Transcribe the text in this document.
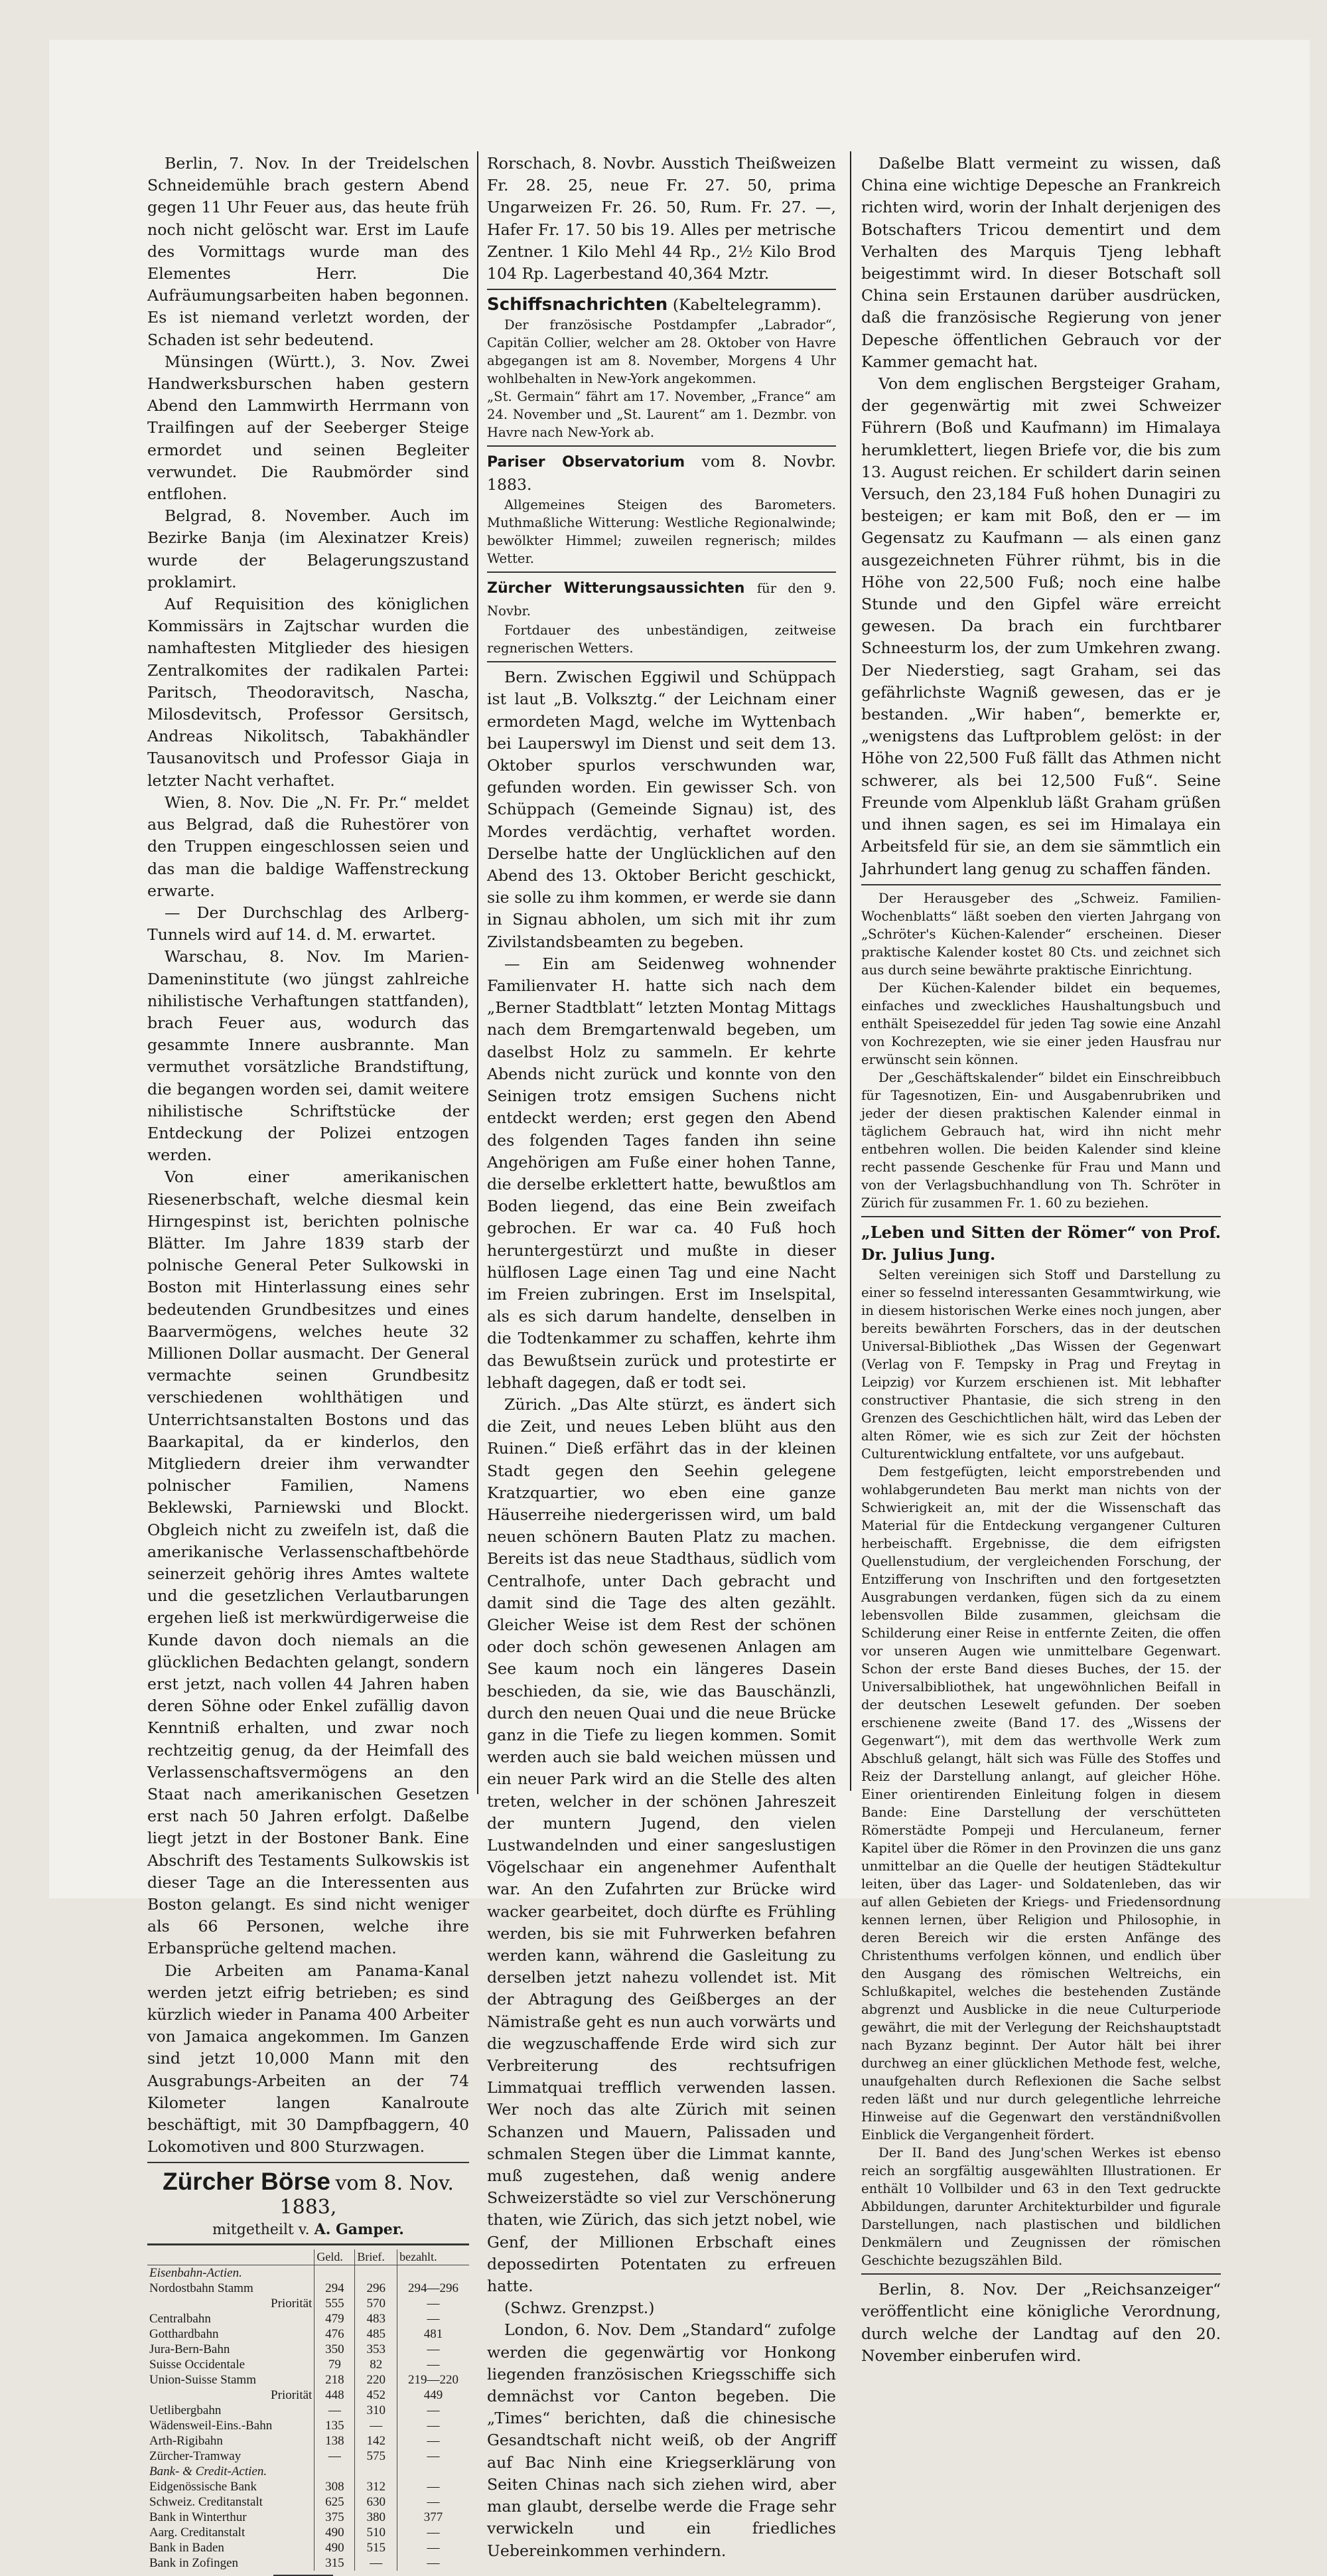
Berlin, 7. Nov. In der Treidelschen Schneidemühle brach gestern Abend gegen 11 Uhr Feuer aus, das heute früh noch nicht gelöscht war. Erst im Laufe des Vormittags wurde man des Elementes Herr. Die Aufräumungsarbeiten haben begonnen. Es ist niemand verletzt worden, der Schaden ist sehr bedeutend.

Münsingen (Württ.), 3. Nov. Zwei Handwerksburschen haben gestern Abend den Lammwirth Herrmann von Trailfingen auf der Seeberger Steige ermordet und seinen Begleiter verwundet. Die Raubmörder sind entflohen.

Belgrad, 8. November. Auch im Bezirke Banja (im Alexinatzer Kreis) wurde der Belagerungszustand proklamirt.

Auf Requisition des königlichen Kommissärs in Zajtschar wurden die namhaftesten Mitglieder des hiesigen Zentralkomites der radikalen Partei: Paritsch, Theodoravitsch, Nascha, Milosdevitsch, Professor Gersitsch, Andreas Nikolitsch, Tabakhändler Tausanovitsch und Professor Giaja in letzter Nacht verhaftet.

Wien, 8. Nov. Die „N. Fr. Pr.“ meldet aus Belgrad, daß die Ruhestörer von den Truppen eingeschlossen seien und das man die baldige Waffenstreckung erwarte.

— Der Durchschlag des Arlberg-Tunnels wird auf 14. d. M. erwartet.

Warschau, 8. Nov. Im Marien-Dameninstitute (wo jüngst zahlreiche nihilistische Verhaftungen stattfanden), brach Feuer aus, wodurch das gesammte Innere ausbrannte. Man vermuthet vorsätzliche Brandstiftung, die begangen worden sei, damit weitere nihilistische Schriftstücke der Entdeckung der Polizei entzogen werden.

Von einer amerikanischen Riesenerbschaft, welche diesmal kein Hirngespinst ist, berichten polnische Blätter. Im Jahre 1839 starb der polnische General Peter Sulkowski in Boston mit Hinterlassung eines sehr bedeutenden Grundbesitzes und eines Baarvermögens, welches heute 32 Millionen Dollar ausmacht. Der General vermachte seinen Grundbesitz verschiedenen wohlthätigen und Unterrichtsanstalten Bostons und das Baarkapital, da er kinderlos, den Mitgliedern dreier ihm verwandter polnischer Familien, Namens Beklewski, Parniewski und Blockt. Obgleich nicht zu zweifeln ist, daß die amerikanische Verlassenschaftbehörde seinerzeit gehörig ihres Amtes waltete und die gesetzlichen Verlautbarungen ergehen ließ ist merkwürdigerweise die Kunde davon doch niemals an die glücklichen Bedachten gelangt, sondern erst jetzt, nach vollen 44 Jahren haben deren Söhne oder Enkel zufällig davon Kenntniß erhalten, und zwar noch rechtzeitig genug, da der Heimfall des Verlassenschaftsvermögens an den Staat nach amerikanischen Gesetzen erst nach 50 Jahren erfolgt. Daßelbe liegt jetzt in der Bostoner Bank. Eine Abschrift des Testaments Sulkowskis ist dieser Tage an die Interessenten aus Boston gelangt. Es sind nicht weniger als 66 Personen, welche ihre Erbansprüche geltend machen.

Die Arbeiten am Panama-Kanal werden jetzt eifrig betrieben; es sind kürzlich wieder in Panama 400 Arbeiter von Jamaica angekommen. Im Ganzen sind jetzt 10,000 Mann mit den Ausgrabungs-Arbeiten an der 74 Kilometer langen Kanalroute beschäftigt, mit 30 Dampfbaggern, 40 Lokomotiven und 800 Sturzwagen.

Zürcher Börse vom 8. Nov. 1883,
mitgetheilt v. A. Gamper.
	Geld.	Brief.	bezahlt.
Eisenbahn-Actien.			
Nordostbahn Stamm	294	296	294—296
Priorität	555	570	—
Centralbahn	479	483	—
Gotthardbahn	476	485	481
Jura-Bern-Bahn	350	353	—
Suisse Occidentale	79	82	—
Union-Suisse Stamm	218	220	219—220
Priorität	448	452	449
Uetlibergbahn	—	310	—
Wädensweil-Eins.-Bahn	135	—	—
Arth-Rigibahn	138	142	—
Zürcher-Tramway	—	575	—
Bank- & Credit-Actien.			
Eidgenössische Bank	308	312	—
Schweiz. Creditanstalt	625	630	—
Bank in Winterthur	375	380	377
Aarg. Creditanstalt	490	510	—
Bank in Baden	490	515	—
Bank in Zofingen	315	—	—

Rorschach, 8. Novbr. Ausstich Theißweizen Fr. 28. 25, neue Fr. 27. 50, prima Ungarweizen Fr. 26. 50, Rum. Fr. 27. —, Hafer Fr. 17. 50 bis 19. Alles per metrische Zentner. 1 Kilo Mehl 44 Rp., 2½ Kilo Brod 104 Rp. Lagerbestand 40,364 Mztr.

Schiffsnachrichten (Kabeltelegramm).

Der französische Postdampfer „Labrador“, Capitän Collier, welcher am 28. Oktober von Havre abgegangen ist am 8. November, Morgens 4 Uhr wohlbehalten in New-York angekommen.
„St. Germain“ fährt am 17. November, „France“ am 24. November und „St. Laurent“ am 1. Dezmbr. von Havre nach New-York ab.

Pariser Observatorium vom 8. Novbr. 1883.

Allgemeines Steigen des Barometers. Muthmaßliche Witterung: Westliche Regionalwinde; bewölkter Himmel; zuweilen regnerisch; mildes Wetter.

Zürcher Witterungsaussichten für den 9. Novbr.

Fortdauer des unbeständigen, zeitweise regnerischen Wetters.

Bern. Zwischen Eggiwil und Schüppach ist laut „B. Volksztg.“ der Leichnam einer ermordeten Magd, welche im Wyttenbach bei Lauperswyl im Dienst und seit dem 13. Oktober spurlos verschwunden war, gefunden worden. Ein gewisser Sch. von Schüppach (Gemeinde Signau) ist, des Mordes verdächtig, verhaftet worden. Derselbe hatte der Unglücklichen auf den Abend des 13. Oktober Bericht geschickt, sie solle zu ihm kommen, er werde sie dann in Signau abholen, um sich mit ihr zum Zivilstandsbeamten zu begeben.

— Ein am Seidenweg wohnender Familienvater H. hatte sich nach dem „Berner Stadtblatt“ letzten Montag Mittags nach dem Bremgartenwald begeben, um daselbst Holz zu sammeln. Er kehrte Abends nicht zurück und konnte von den Seinigen trotz emsigen Suchens nicht entdeckt werden; erst gegen den Abend des folgenden Tages fanden ihn seine Angehörigen am Fuße einer hohen Tanne, die derselbe erklettert hatte, bewußtlos am Boden liegend, das eine Bein zweifach gebrochen. Er war ca. 40 Fuß hoch heruntergestürzt und mußte in dieser hülflosen Lage einen Tag und eine Nacht im Freien zubringen. Erst im Inselspital, als es sich darum handelte, denselben in die Todtenkammer zu schaffen, kehrte ihm das Bewußtsein zurück und protestirte er lebhaft dagegen, daß er todt sei.

Zürich. „Das Alte stürzt, es ändert sich die Zeit, und neues Leben blüht aus den Ruinen.“ Dieß erfährt das in der kleinen Stadt gegen den Seehin gelegene Kratzquartier, wo eben eine ganze Häuserreihe niedergerissen wird, um bald neuen schönern Bauten Platz zu machen. Bereits ist das neue Stadthaus, südlich vom Centralhofe, unter Dach gebracht und damit sind die Tage des alten gezählt. Gleicher Weise ist dem Rest der schönen oder doch schön gewesenen Anlagen am See kaum noch ein längeres Dasein beschieden, da sie, wie das Bauschänzli, durch den neuen Quai und die neue Brücke ganz in die Tiefe zu liegen kommen. Somit werden auch sie bald weichen müssen und ein neuer Park wird an die Stelle des alten treten, welcher in der schönen Jahreszeit der muntern Jugend, den vielen Lustwandelnden und einer sangeslustigen Vögelschaar ein angenehmer Aufenthalt war. An den Zufahrten zur Brücke wird wacker gearbeitet, doch dürfte es Frühling werden, bis sie mit Fuhrwerken befahren werden kann, während die Gasleitung zu derselben jetzt nahezu vollendet ist. Mit der Abtragung des Geißberges an der Nämistraße geht es nun auch vorwärts und die wegzuschaffende Erde wird sich zur Verbreiterung des rechtsufrigen Limmatquai trefflich verwenden lassen. Wer noch das alte Zürich mit seinen Schanzen und Mauern, Palissaden und schmalen Stegen über die Limmat kannte, muß zugestehen, daß wenig andere Schweizerstädte so viel zur Verschönerung thaten, wie Zürich, das sich jetzt nobel, wie Genf, der Millionen Erbschaft eines depossedirten Potentaten zu erfreuen hatte.

(Schwz. Grenzpst.)

London, 6. Nov. Dem „Standard“ zufolge werden die gegenwärtig vor Honkong liegenden französischen Kriegsschiffe sich demnächst vor Canton begeben. Die „Times“ berichten, daß die chinesische Gesandtschaft nicht weiß, ob der Angriff auf Bac Ninh eine Kriegserklärung von Seiten Chinas nach sich ziehen wird, aber man glaubt, derselbe werde die Frage sehr verwickeln und ein friedliches Uebereinkommen verhindern.

Daßelbe Blatt vermeint zu wissen, daß China eine wichtige Depesche an Frankreich richten wird, worin der Inhalt derjenigen des Botschafters Tricou dementirt und dem Verhalten des Marquis Tjeng lebhaft beigestimmt wird. In dieser Botschaft soll China sein Erstaunen darüber ausdrücken, daß die französische Regierung von jener Depesche öffentlichen Gebrauch vor der Kammer gemacht hat.

Von dem englischen Bergsteiger Graham, der gegenwärtig mit zwei Schweizer Führern (Boß und Kaufmann) im Himalaya herumklettert, liegen Briefe vor, die bis zum 13. August reichen. Er schildert darin seinen Versuch, den 23,184 Fuß hohen Dunagiri zu besteigen; er kam mit Boß, den er — im Gegensatz zu Kaufmann — als einen ganz ausgezeichneten Führer rühmt, bis in die Höhe von 22,500 Fuß; noch eine halbe Stunde und den Gipfel wäre erreicht gewesen. Da brach ein furchtbarer Schneesturm los, der zum Umkehren zwang. Der Niederstieg, sagt Graham, sei das gefährlichste Wagniß gewesen, das er je bestanden. „Wir haben“, bemerkte er, „wenigstens das Luftproblem gelöst: in der Höhe von 22,500 Fuß fällt das Athmen nicht schwerer, als bei 12,500 Fuß“. Seine Freunde vom Alpenklub läßt Graham grüßen und ihnen sagen, es sei im Himalaya ein Arbeitsfeld für sie, an dem sie sämmtlich ein Jahrhundert lang genug zu schaffen fänden.

Der Herausgeber des „Schweiz. Familien-Wochenblatts“ läßt soeben den vierten Jahrgang von „Schröter's Küchen-Kalender“ erscheinen. Dieser praktische Kalender kostet 80 Cts. und zeichnet sich aus durch seine bewährte praktische Einrichtung.

Der Küchen-Kalender bildet ein bequemes, einfaches und zweckliches Haushaltungsbuch und enthält Speisezeddel für jeden Tag sowie eine Anzahl von Kochrezepten, wie sie einer jeden Hausfrau nur erwünscht sein können.

Der „Geschäftskalender“ bildet ein Einschreibbuch für Tagesnotizen, Ein- und Ausgabenrubriken und jeder der diesen praktischen Kalender einmal in täglichem Gebrauch hat, wird ihn nicht mehr entbehren wollen. Die beiden Kalender sind kleine recht passende Geschenke für Frau und Mann und von der Verlagsbuchhandlung von Th. Schröter in Zürich für zusammen Fr. 1. 60 zu beziehen.

„Leben und Sitten der Römer“ von Prof. Dr. Julius Jung.

Selten vereinigen sich Stoff und Darstellung zu einer so fesselnd interessanten Gesammtwirkung, wie in diesem historischen Werke eines noch jungen, aber bereits bewährten Forschers, das in der deutschen Universal-Bibliothek „Das Wissen der Gegenwart (Verlag von F. Tempsky in Prag und Freytag in Leipzig) vor Kurzem erschienen ist. Mit lebhafter constructiver Phantasie, die sich streng in den Grenzen des Geschichtlichen hält, wird das Leben der alten Römer, wie es sich zur Zeit der höchsten Culturentwicklung entfaltete, vor uns aufgebaut.

Dem festgefügten, leicht emporstrebenden und wohlabgerundeten Bau merkt man nichts von der Schwierigkeit an, mit der die Wissenschaft das Material für die Entdeckung vergangener Culturen herbeischafft. Ergebnisse, die dem eifrigsten Quellenstudium, der vergleichenden Forschung, der Entzifferung von Inschriften und den fortgesetzten Ausgrabungen verdanken, fügen sich da zu einem lebensvollen Bilde zusammen, gleichsam die Schilderung einer Reise in entfernte Zeiten, die offen vor unseren Augen wie unmittelbare Gegenwart. Schon der erste Band dieses Buches, der 15. der Universalbibliothek, hat ungewöhnlichen Beifall in der deutschen Lesewelt gefunden. Der soeben erschienene zweite (Band 17. des „Wissens der Gegenwart“), mit dem das werthvolle Werk zum Abschluß gelangt, hält sich was Fülle des Stoffes und Reiz der Darstellung anlangt, auf gleicher Höhe. Einer orientirenden Einleitung folgen in diesem Bande: Eine Darstellung der verschütteten Römerstädte Pompeji und Herculaneum, ferner Kapitel über die Römer in den Provinzen die uns ganz unmittelbar an die Quelle der heutigen Städtekultur leiten, über das Lager- und Soldatenleben, das wir auf allen Gebieten der Kriegs- und Friedensordnung kennen lernen, über Religion und Philosophie, in deren Bereich wir die ersten Anfänge des Christenthums verfolgen können, und endlich über den Ausgang des römischen Weltreichs, ein Schlußkapitel, welches die bestehenden Zustände abgrenzt und Ausblicke in die neue Culturperiode gewährt, die mit der Verlegung der Reichshauptstadt nach Byzanz beginnt. Der Autor hält bei ihrer durchweg an einer glücklichen Methode fest, welche, unaufgehalten durch Reflexionen die Sache selbst reden läßt und nur durch gelegentliche lehrreiche Hinweise auf die Gegenwart den verständnißvollen Einblick die Vergangenheit fördert.

Der II. Band des Jung'schen Werkes ist ebenso reich an sorgfältig ausgewählten Illustrationen. Er enthält 10 Vollbilder und 63 in den Text gedruckte Abbildungen, darunter Architekturbilder und figurale Darstellungen, nach plastischen und bildlichen Denkmälern und Zeugnissen der römischen Geschichte bezugszählen Bild.

Berlin, 8. Nov. Der „Reichsanzeiger“ veröffentlicht eine königliche Verordnung, durch welche der Landtag auf den 20. November einberufen wird.
